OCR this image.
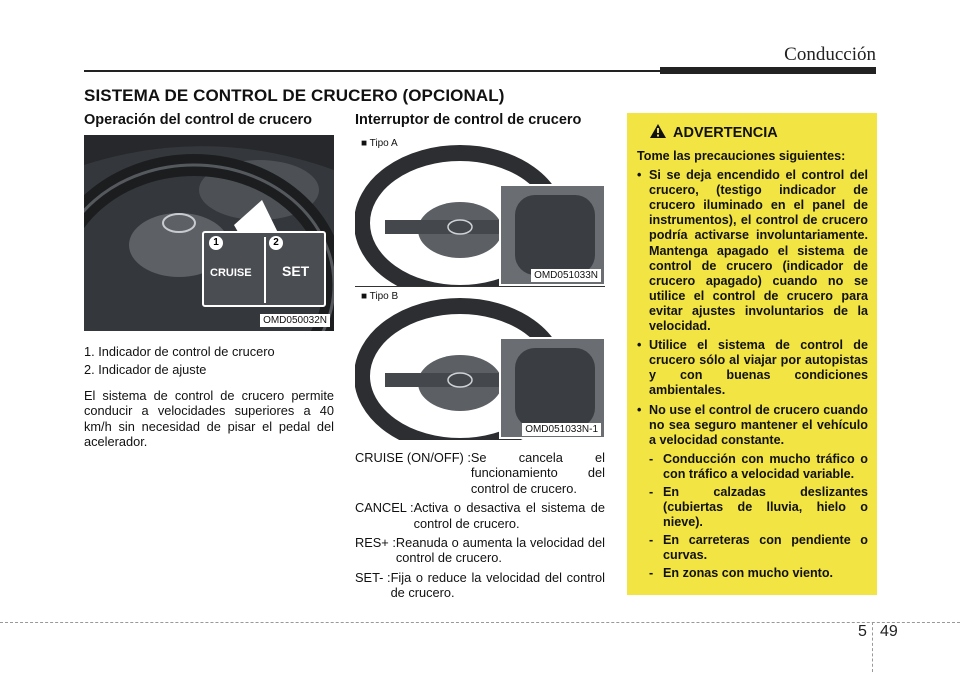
Conducción
SISTEMA DE CONTROL DE CRUCERO (OPCIONAL)
Operación del control de crucero
CRUISE SET
1	2
OMD050032N

1. Indicador de control de crucero

2. Indicador de ajuste

El sistema de control de crucero permite conducir a velocidades superiores a 40 km/h sin necesidad de pisar el pedal del acelerador.

Interruptor de control de crucero
■ Tipo A
OMD051033N
■ Tipo B
OMD051033N-1
CRUISE (ON/OFF) : Se cancela el funcionamiento del control de crucero.
CANCEL : Activa o desactiva el sistema de control de crucero.
RES+ : Reanuda o aumenta la velocidad del control de crucero.
SET- : Fija o reduce la velocidad del control de crucero.
ADVERTENCIA

Tome las precauciones siguientes:

• Si se deja encendido el control del crucero, (testigo indicador de crucero iluminado en el panel de instrumentos), el control de crucero podría activarse involuntariamente. Mantenga apagado el sistema de control de crucero (indicador de crucero apagado) cuando no se utilice el control de crucero para evitar ajustes involuntarios de la velocidad.
• Utilice el sistema de control de crucero sólo al viajar por autopistas y con buenas condiciones ambientales.
• No use el control de crucero cuando no sea seguro mantener el vehículo a velocidad constante.
- Conducción con mucho tráfico o con tráfico a velocidad variable.
- En calzadas deslizantes (cubiertas de lluvia, hielo o nieve).
- En carreteras con pendiente o curvas.
- En zonas con mucho viento.
5 49
